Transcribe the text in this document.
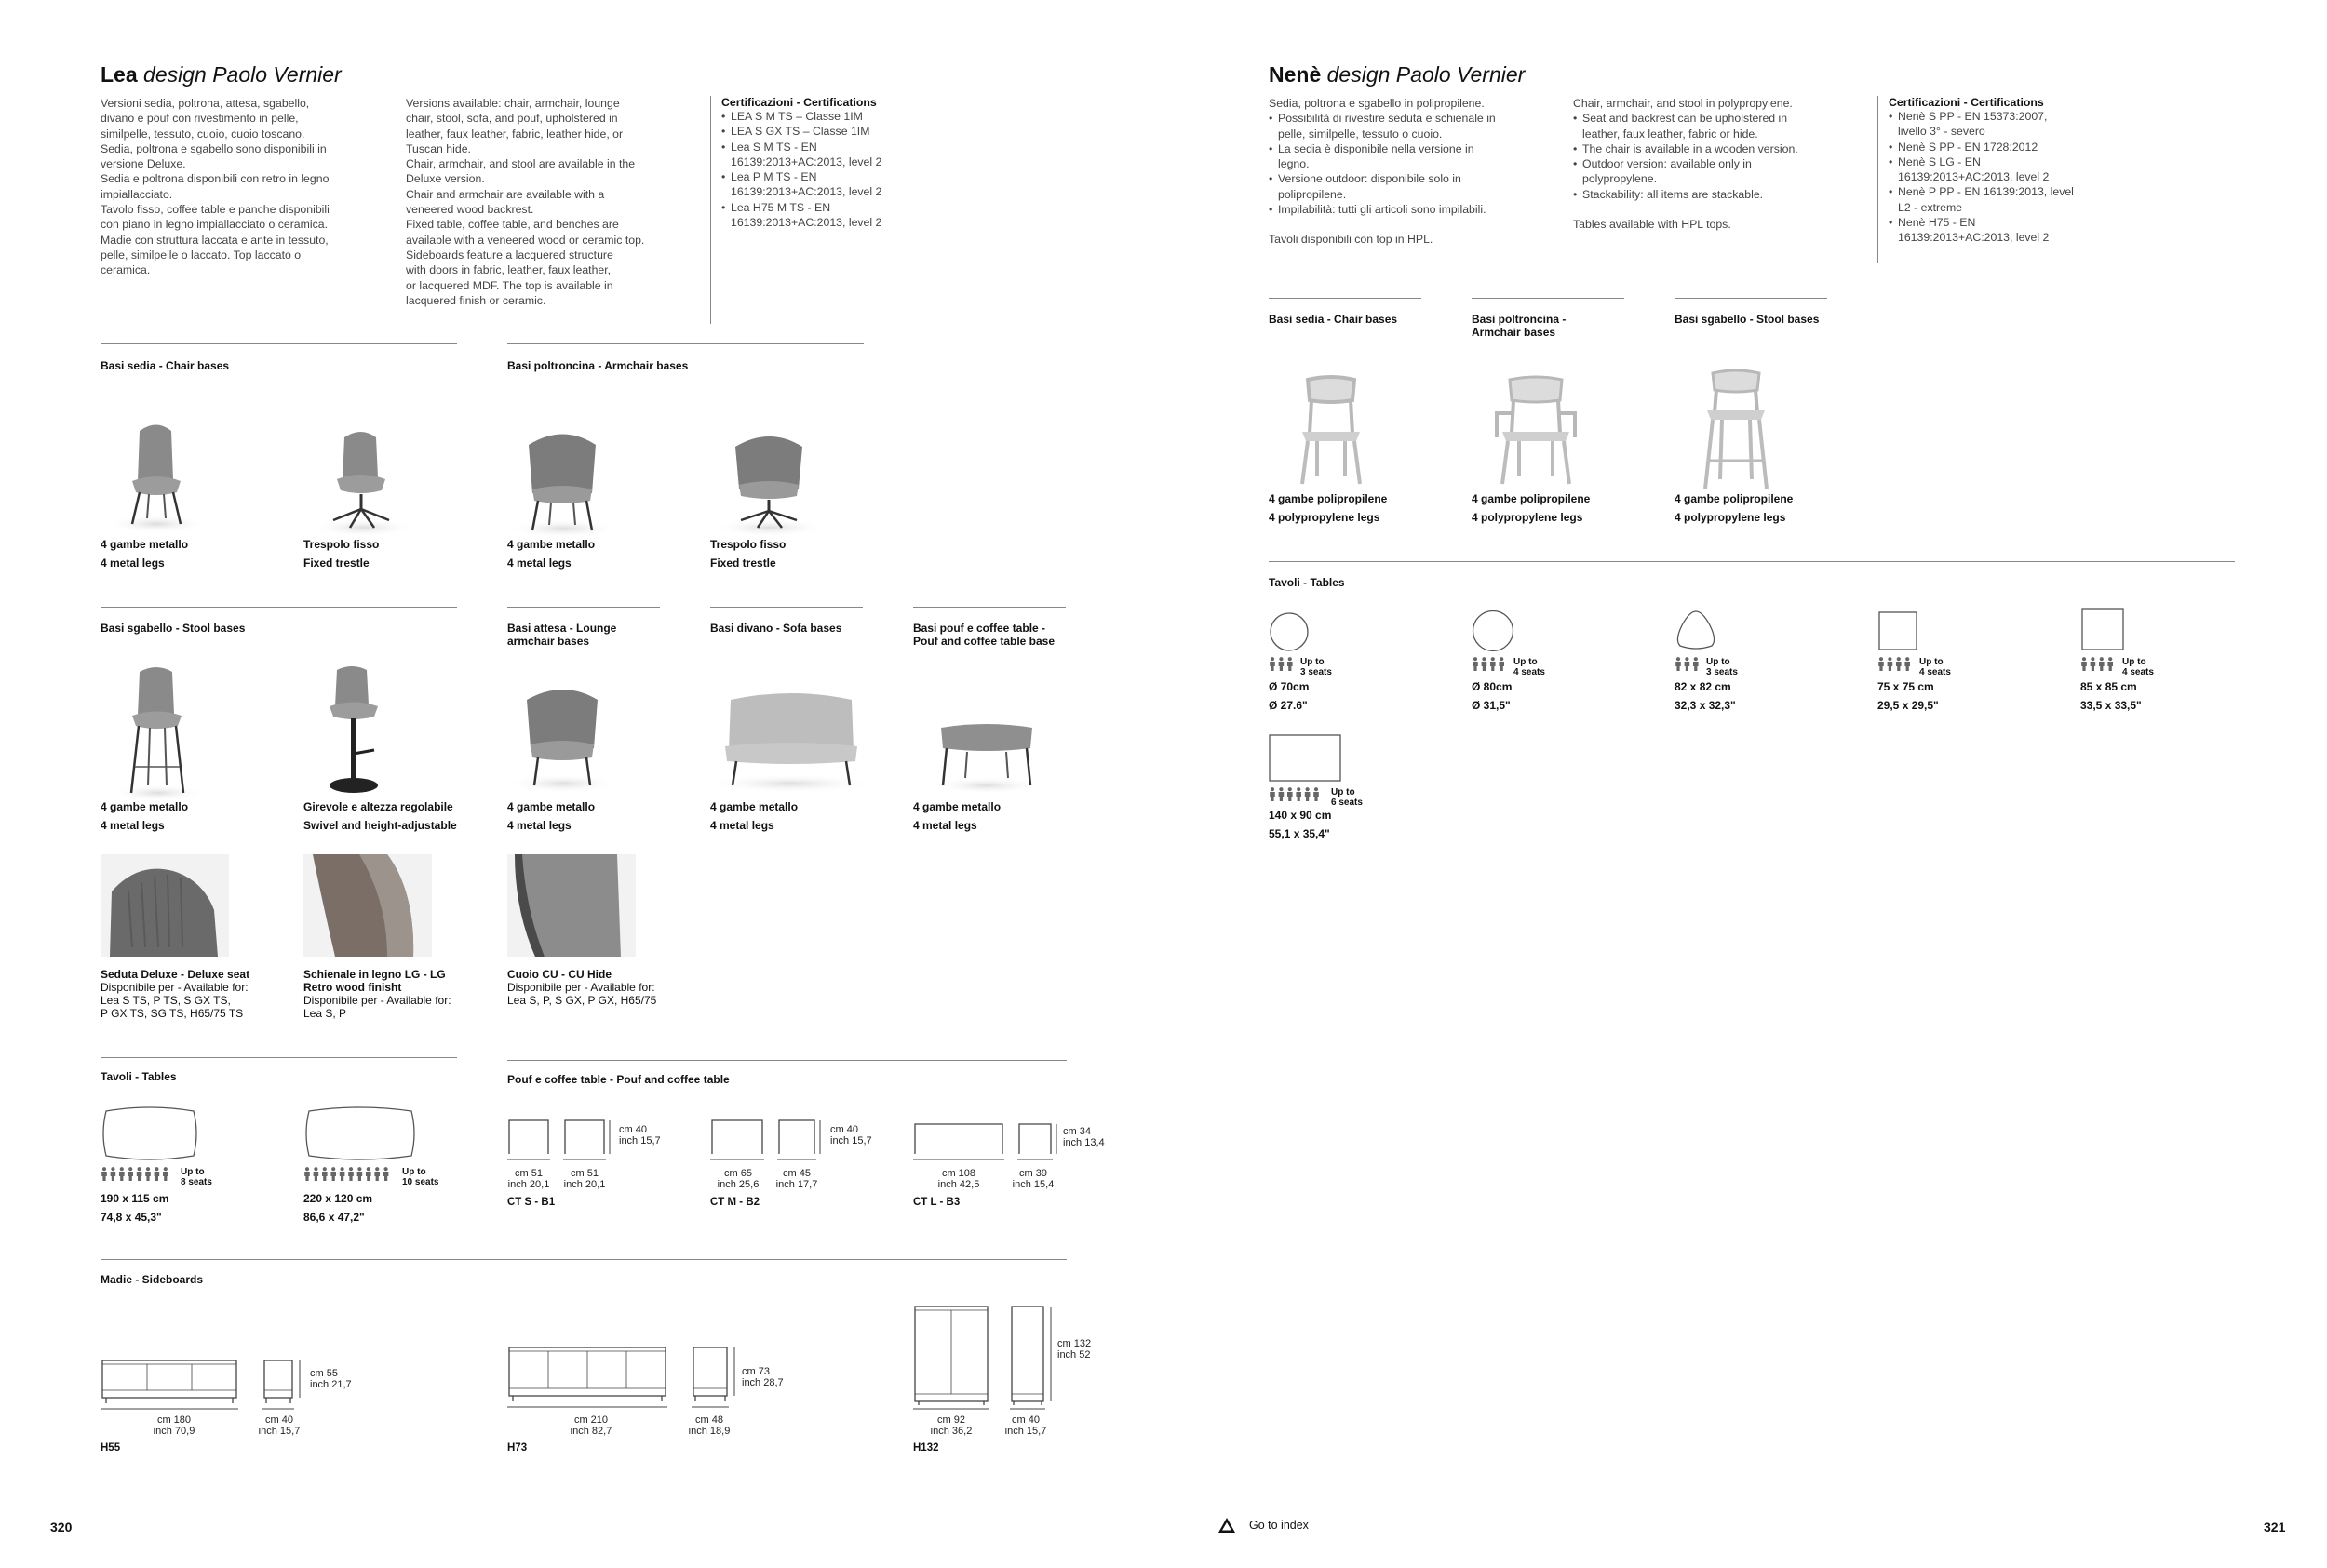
Lea design Paolo Vernier
Versioni sedia, poltrona, attesa, sgabello,
divano e pouf con rivestimento in pelle,
similpelle, tessuto, cuoio, cuoio toscano.
Sedia, poltrona e sgabello sono disponibili in
versione Deluxe.
Sedia e poltrona disponibili con retro in legno
impiallacciato.
Tavolo fisso, coffee table e panche disponibili
con piano in legno impiallacciato o ceramica.
Madie con struttura laccata e ante in tessuto,
pelle, similpelle o laccato. Top laccato o
ceramica.
Versions available: chair, armchair, lounge
chair, stool, sofa, and pouf, upholstered in
leather, faux leather, fabric, leather hide, or
Tuscan hide.
Chair, armchair, and stool are available in the
Deluxe version.
Chair and armchair are available with a
veneered wood backrest.
Fixed table, coffee table, and benches are
available with a veneered wood or ceramic top.
Sideboards feature a lacquered structure
with doors in fabric, leather, faux leather,
or lacquered MDF. The top is available in
lacquered finish or ceramic.
Certificazioni - Certifications
• LEA S M TS – Classe 1IM
• LEA S GX TS – Classe 1IM
• Lea S M TS - EN
16139:2013+AC:2013, level 2
• Lea P M TS - EN
16139:2013+AC:2013, level 2
• Lea H75 M TS - EN
16139:2013+AC:2013, level 2
Basi sedia - Chair bases	Basi poltroncina - Armchair bases
4 gambe metallo
4 metal legs
Trespolo fisso
Fixed trestle
4 gambe metallo
4 metal legs
Trespolo fisso
Fixed trestle
Basi sgabello - Stool bases	Basi attesa - Lounge
armchair bases
Basi divano - Sofa bases	Basi pouf e coffee table -
Pouf and coffee table base
4 gambe metallo
4 metal legs
Girevole e altezza regolabile
Swivel and height-adjustable
4 gambe metallo
4 metal legs
4 gambe metallo
4 metal legs
4 gambe metallo
4 metal legs
Seduta Deluxe - Deluxe seat
Disponibile per - Available for:
Lea S TS, P TS, S GX TS,
P GX TS, SG TS, H65/75 TS
Schienale in legno LG - LG
Retro wood finisht
Disponibile per - Available for:
Lea S, P
Cuoio CU - CU Hide
Disponibile per - Available for:
Lea S, P, S GX, P GX, H65/75
Tavoli - Tables	Pouf e coffee table - Pouf and coffee table
Up to
8 seats
Up to
10 seats
190 x 115 cm
74,8 x 45,3"
220 x 120 cm
86,6 x 47,2"
cm 40
inch 15,7
cm 51
inch 20,1
cm 51
inch 20,1
CT S - B1
cm 40
inch 15,7
cm 65
inch 25,6
cm 45
inch 17,7
CT M - B2
cm 34
inch 13,4
cm 108
inch 42,5
cm 39
inch 15,4
CT L - B3
Madie - Sideboards
cm 55
inch 21,7
cm 180
inch 70,9
cm 40
inch 15,7
H55
cm 73
inch 28,7
cm 210
inch 82,7
cm 48
inch 18,9
H73
cm 132
inch 52
cm 92
inch 36,2
cm 40
inch 15,7
H132
320	Go to index
Nenè design Paolo Vernier
Sedia, poltrona e sgabello in polipropilene.
• Possibilità di rivestire seduta e schienale in
pelle, similpelle, tessuto o cuoio.
• La sedia è disponibile nella versione in
legno.
• Versione outdoor: disponibile solo in
polipropilene.
• Impilabilità: tutti gli articoli sono impilabili.
Tavoli disponibili con top in HPL.
Chair, armchair, and stool in polypropylene.
• Seat and backrest can be upholstered in
leather, faux leather, fabric or hide.
• The chair is available in a wooden version.
• Outdoor version: available only in
polypropylene.
• Stackability: all items are stackable.
Tables available with HPL tops.
Certificazioni - Certifications
• Nenè S PP - EN 15373:2007,
livello 3° - severo
• Nenè S PP - EN 1728:2012
• Nenè S LG - EN
16139:2013+AC:2013, level 2
• Nenè P PP - EN 16139:2013, level
L2 - extreme
• Nenè H75 - EN
16139:2013+AC:2013, level 2
Basi sedia - Chair bases	Basi poltroncina -
Armchair bases
Basi sgabello - Stool bases
4 gambe polipropilene
4 polypropylene legs
4 gambe polipropilene
4 polypropylene legs
4 gambe polipropilene
4 polypropylene legs
Tavoli - Tables
Up to
3 seats
Up to
4 seats
Up to
3 seats
Up to
4 seats
Up to
4 seats
Up to
6 seats
Ø 70cm
Ø 27.6"
Ø 80cm
Ø 31,5"
82 x 82 cm
32,3 x 32,3"
75 x 75 cm
29,5 x 29,5"
85 x 85 cm
33,5 x 33,5"
140 x 90 cm
55,1 x 35,4"
321
